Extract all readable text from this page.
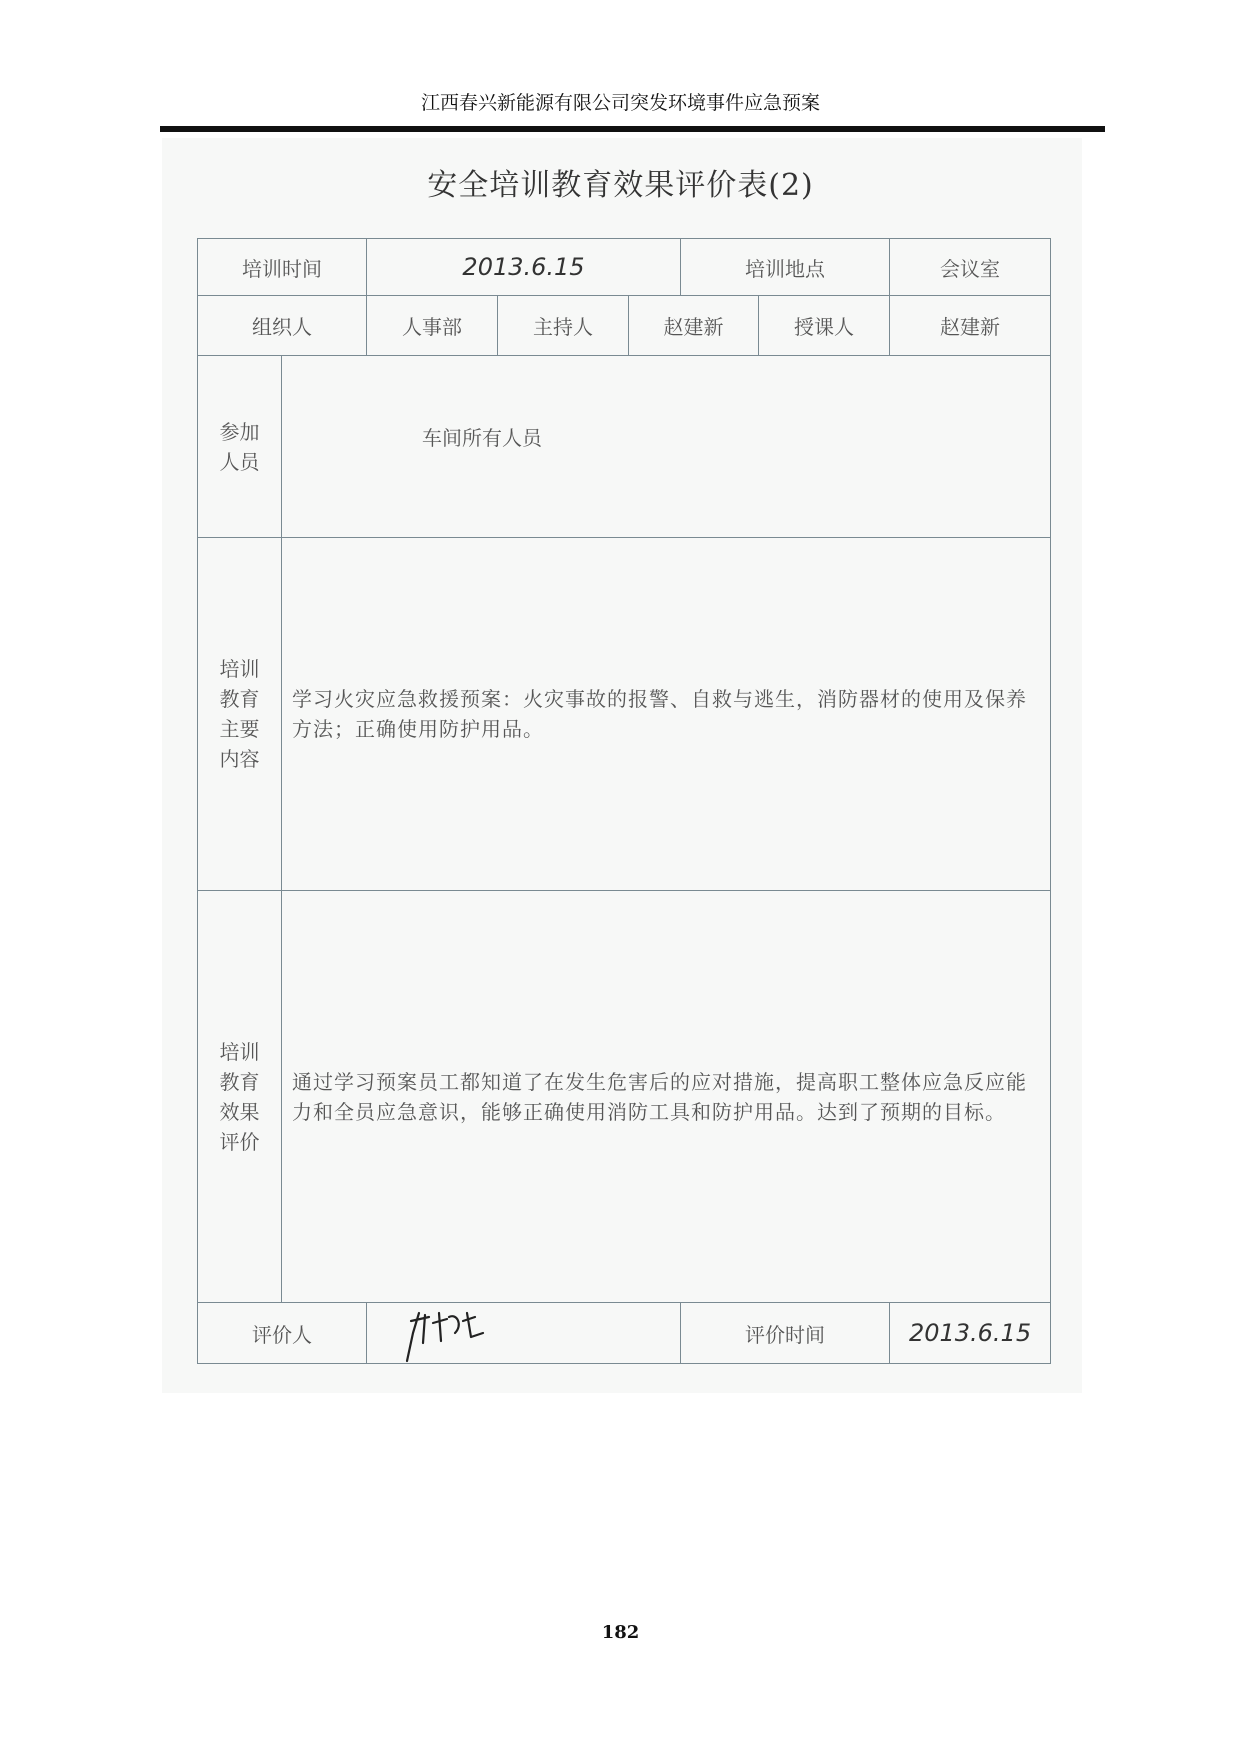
江西春兴新能源有限公司突发环境事件应急预案
安全培训教育效果评价表(2)
培训时间		2013.6.15			培训地点		会议室
组织人		人事部	主持人	赵建新		授课人	赵建新
参加
人员	车间所有人员						
培训
教育
主要
内容	学习火灾应急救援预案：火灾事故的报警、自救与逃生，消防器材的使用及保养方法；正确使用防护用品。						
培训
教育
效果
评价	通过学习预案员工都知道了在发生危害后的应对措施，提高职工整体应急反应能力和全员应急意识，能够正确使用消防工具和防护用品。达到了预期的目标。						
评价人					评价时间		2013.6.15
182
